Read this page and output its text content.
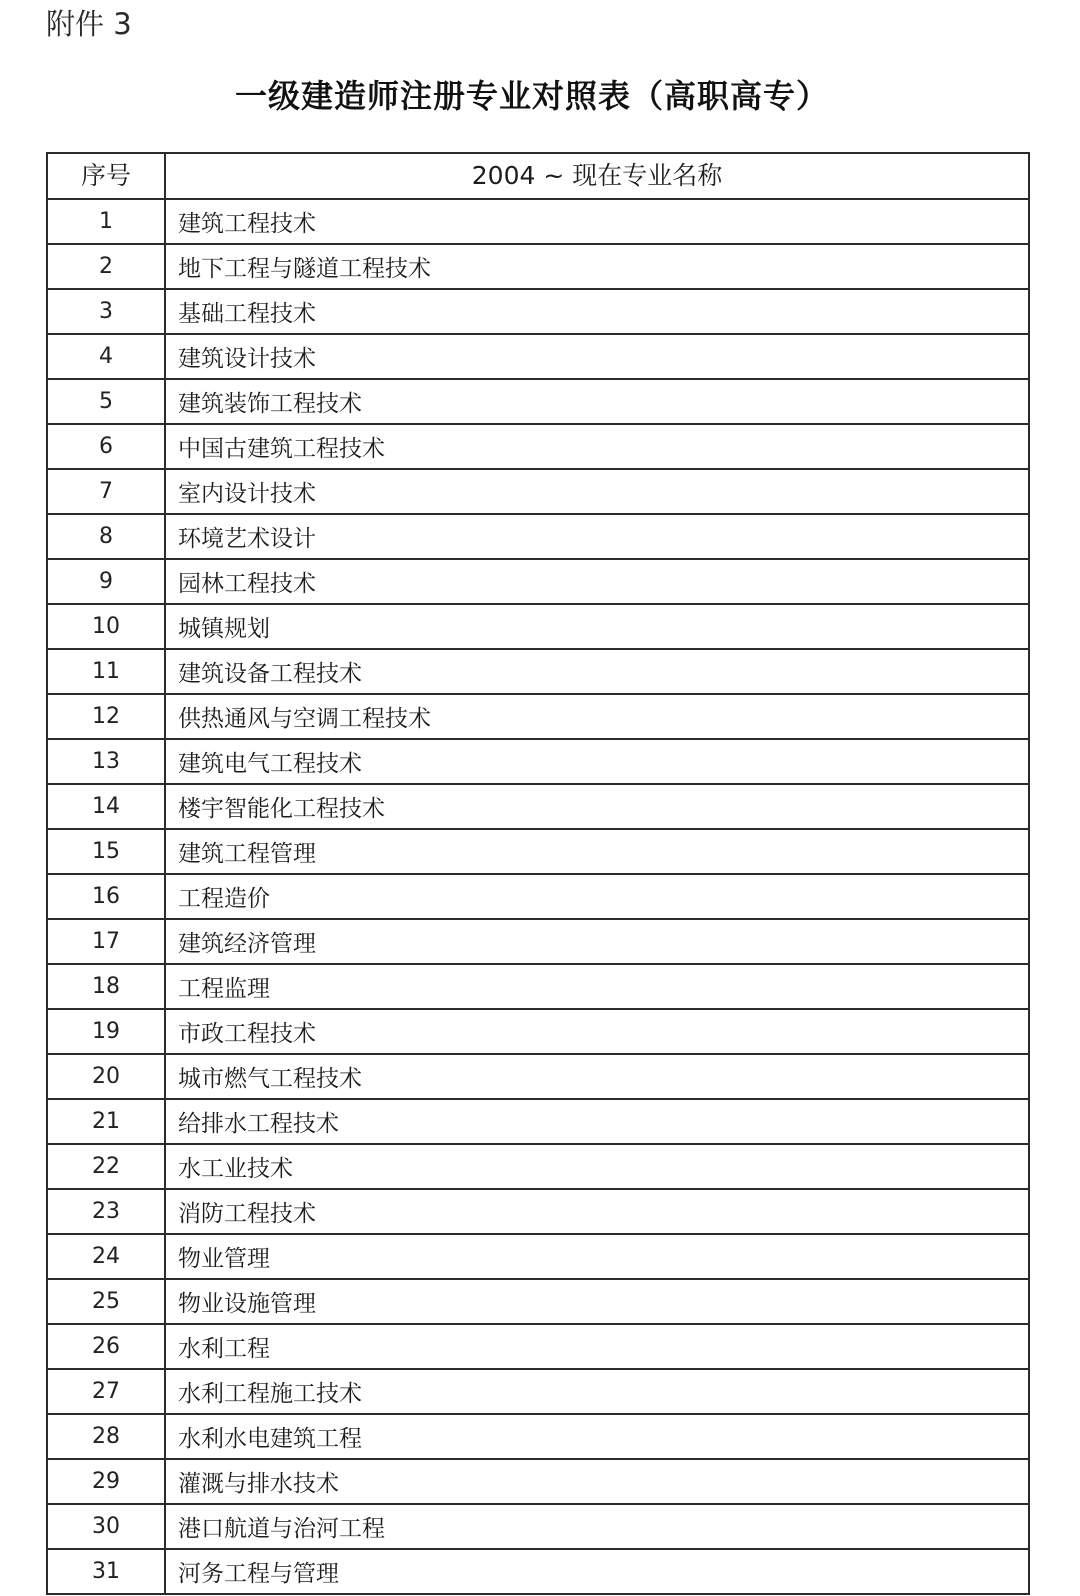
附件 3
一级建造师注册专业对照表（高职高专）
序号	2004 ~ 现在专业名称
1	建筑工程技术
2	地下工程与隧道工程技术
3	基础工程技术
4	建筑设计技术
5	建筑装饰工程技术
6	中国古建筑工程技术
7	室内设计技术
8	环境艺术设计
9	园林工程技术
10	城镇规划
11	建筑设备工程技术
12	供热通风与空调工程技术
13	建筑电气工程技术
14	楼宇智能化工程技术
15	建筑工程管理
16	工程造价
17	建筑经济管理
18	工程监理
19	市政工程技术
20	城市燃气工程技术
21	给排水工程技术
22	水工业技术
23	消防工程技术
24	物业管理
25	物业设施管理
26	水利工程
27	水利工程施工技术
28	水利水电建筑工程
29	灌溉与排水技术
30	港口航道与治河工程
31	河务工程与管理
